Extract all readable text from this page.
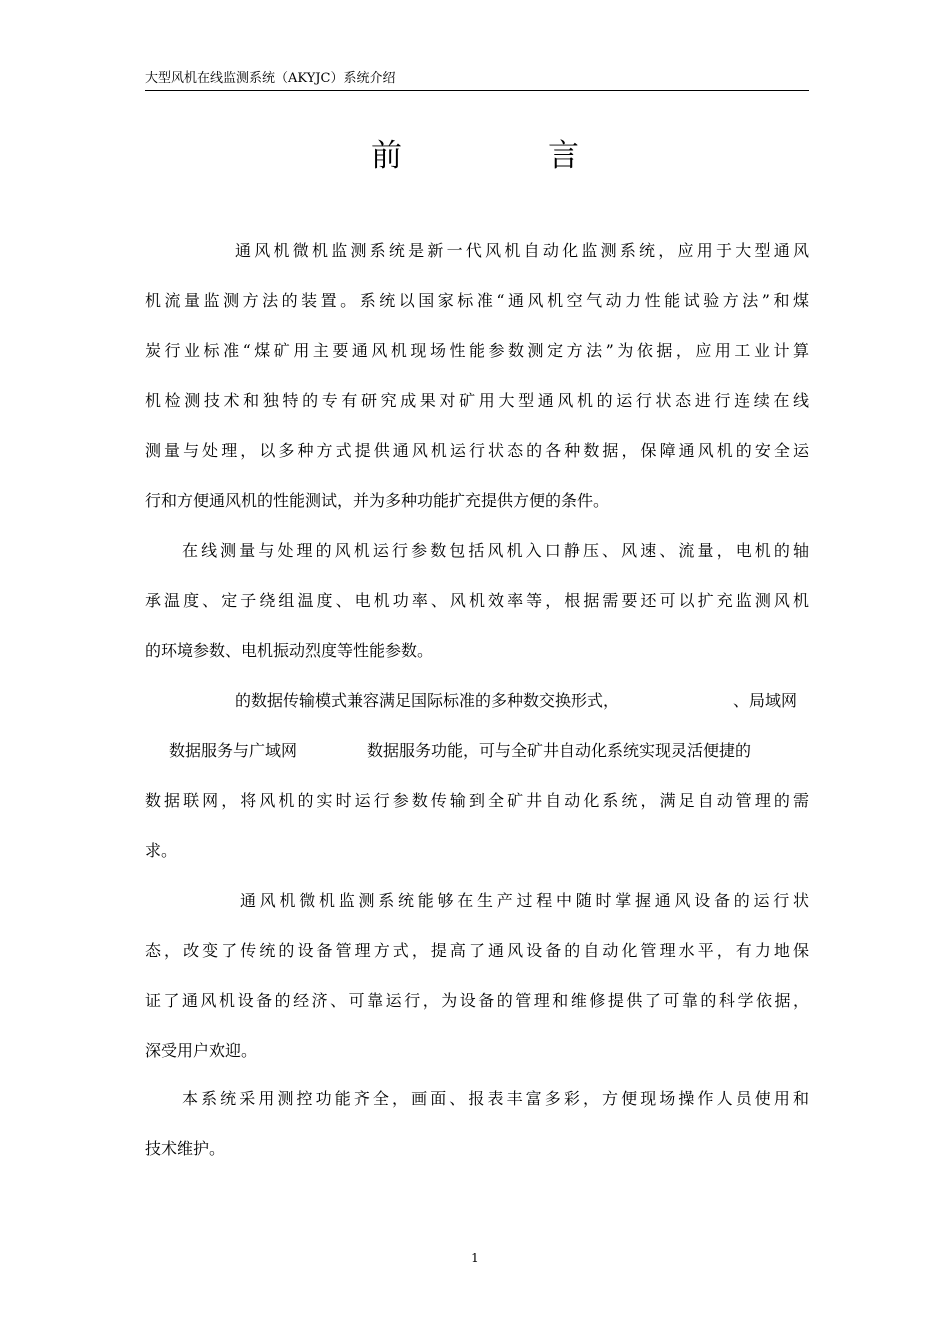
大型风机在线监测系统（AKYJC）系统介绍
前	言
通风机微机监测系统是新一代风机自动化监测系统，应用于大型通风
机流量监测方法的装置。系统以国家标准“通风机空气动力性能试验方法”和煤
炭行业标准“煤矿用主要通风机现场性能参数测定方法”为依据，应用工业计算
机检测技术和独特的专有研究成果对矿用大型通风机的运行状态进行连续在线
测量与处理，以多种方式提供通风机运行状态的各种数据，保障通风机的安全运
行和方便通风机的性能测试，并为多种功能扩充提供方便的条件。
在线测量与处理的风机运行参数包括风机入口静压、风速、流量，电机的轴
承温度、定子绕组温度、电机功率、风机效率等，根据需要还可以扩充监测风机
的环境参数、电机振动烈度等性能参数。
的数据传输模式兼容满足国际标准的多种数交换形式，	、局域网
数据服务与广域网	数据服务功能，可与全矿井自动化系统实现灵活便捷的
数据联网，将风机的实时运行参数传输到全矿井自动化系统，满足自动管理的需
求。
通风机微机监测系统能够在生产过程中随时掌握通风设备的运行状
态，改变了传统的设备管理方式，提高了通风设备的自动化管理水平，有力地保
证了通风机设备的经济、可靠运行，为设备的管理和维修提供了可靠的科学依据，
深受用户欢迎。
本系统采用测控功能齐全，画面、报表丰富多彩，方便现场操作人员使用和
技术维护。
1
